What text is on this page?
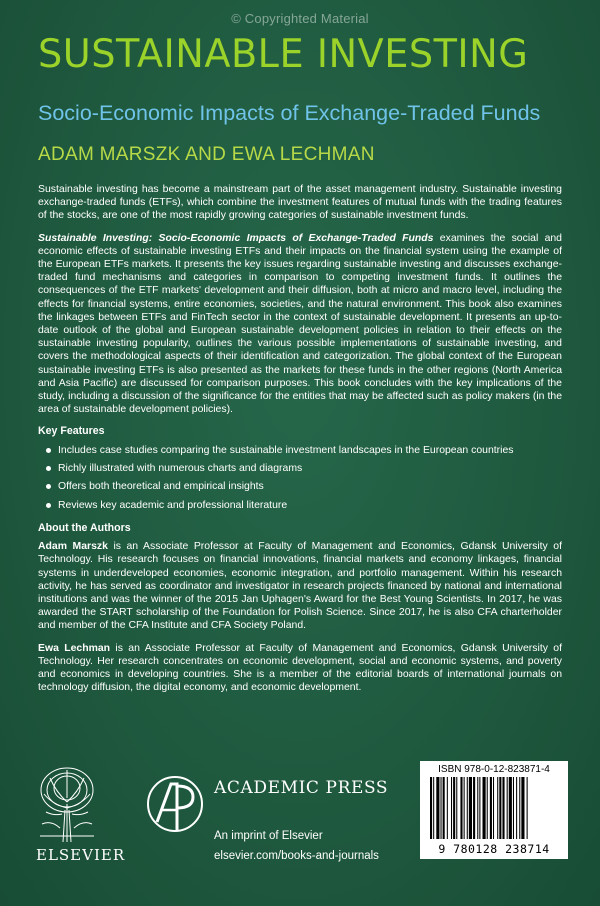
© Copyrighted Material
SUSTAINABLE INVESTING
Socio-Economic Impacts of Exchange-Traded Funds
ADAM MARSZK AND EWA LECHMAN

Sustainable investing has become a mainstream part of the asset management industry. Sustainable investing exchange-traded funds (ETFs), which combine the investment features of mutual funds with the trading features of the stocks, are one of the most rapidly growing categories of sustainable investment funds.

Sustainable Investing: Socio-Economic Impacts of Exchange-Traded Funds examines the social and economic effects of sustainable investing ETFs and their impacts on the financial system using the example of the European ETFs markets. It presents the key issues regarding sustainable investing and discusses exchange-traded fund mechanisms and categories in comparison to competing investment funds. It outlines the consequences of the ETF markets' development and their diffusion, both at micro and macro level, including the effects for financial systems, entire economies, societies, and the natural environment. This book also examines the linkages between ETFs and FinTech sector in the context of sustainable development. It presents an up-to-date outlook of the global and European sustainable development policies in relation to their effects on the sustainable investing popularity, outlines the various possible implementations of sustainable investing, and covers the methodological aspects of their identification and categorization. The global context of the European sustainable investing ETFs is also presented as the markets for these funds in the other regions (North America and Asia Pacific) are discussed for comparison purposes. This book concludes with the key implications of the study, including a discussion of the significance for the entities that may be affected such as policy makers (in the area of sustainable development policies).

Key Features
Includes case studies comparing the sustainable investment landscapes in the European countries
Richly illustrated with numerous charts and diagrams
Offers both theoretical and empirical insights
Reviews key academic and professional literature
About the Authors

Adam Marszk is an Associate Professor at Faculty of Management and Economics, Gdansk University of Technology. His research focuses on financial innovations, financial markets and economy linkages, financial systems in underdeveloped economies, economic integration, and portfolio management. Within his research activity, he has served as coordinator and investigator in research projects financed by national and international institutions and was the winner of the 2015 Jan Uphagen's Award for the Best Young Scientists. In 2017, he was awarded the START scholarship of the Foundation for Polish Science. Since 2017, he is also CFA charterholder and member of the CFA Institute and CFA Society Poland.

Ewa Lechman is an Associate Professor at Faculty of Management and Economics, Gdansk University of Technology. Her research concentrates on economic development, social and economic systems, and poverty and economics in developing countries. She is a member of the editorial boards of international journals on technology diffusion, the digital economy, and economic development.

ELSEVIER
ACADEMIC PRESS
An imprint of Elsevier
elsevier.com/books-and-journals
ISBN 978-0-12-823871-4
9 780128 238714
